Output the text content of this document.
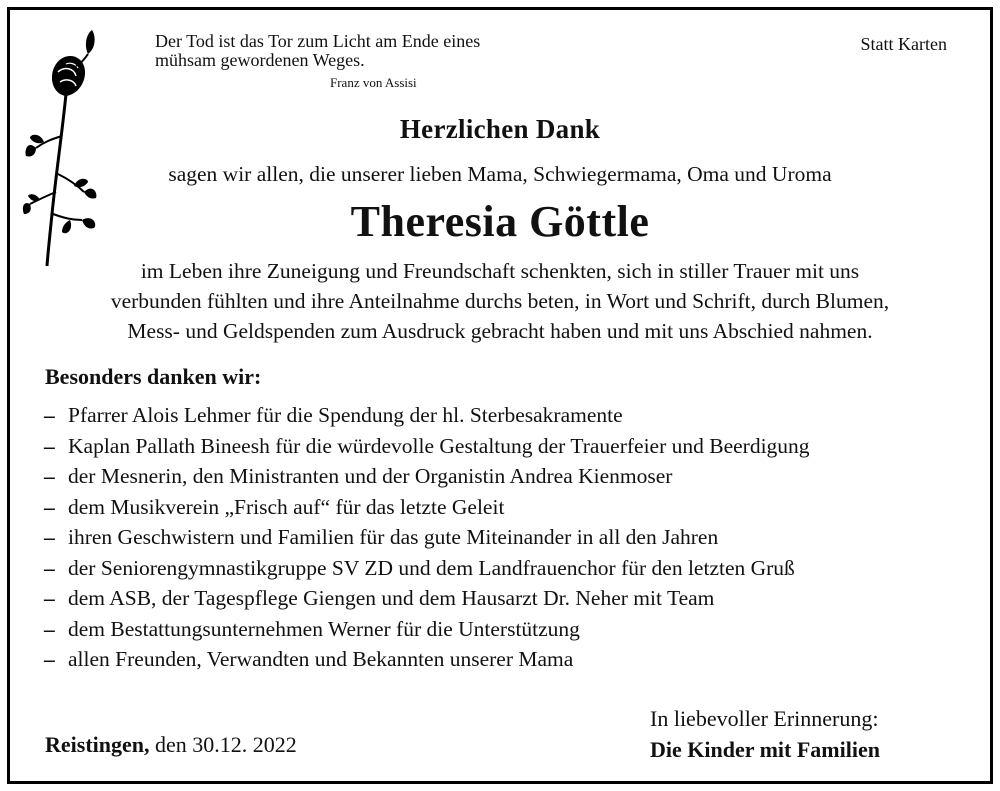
Der Tod ist das Tor zum Licht am Ende eines
mühsam gewordenen Weges.
Franz von Assisi
Statt Karten
Herzlichen Dank
sagen wir allen, die unserer lieben Mama, Schwiegermama, Oma und Uroma
Theresia Göttle
im Leben ihre Zuneigung und Freundschaft schenkten, sich in stiller Trauer mit uns
verbunden fühlten und ihre Anteilnahme durchs beten, in Wort und Schrift, durch Blumen,
Mess- und Geldspenden zum Ausdruck gebracht haben und mit uns Abschied nahmen.
Besonders danken wir:
– Pfarrer Alois Lehmer für die Spendung der hl. Sterbesakramente
– Kaplan Pallath Bineesh für die würdevolle Gestaltung der Trauerfeier und Beerdigung
– der Mesnerin, den Ministranten und der Organistin Andrea Kienmoser
– dem Musikverein „Frisch auf“ für das letzte Geleit
– ihren Geschwistern und Familien für das gute Miteinander in all den Jahren
– der Seniorengymnastikgruppe SV ZD und dem Landfrauenchor für den letzten Gruß
– dem ASB, der Tagespflege Giengen und dem Hausarzt Dr. Neher mit Team
– dem Bestattungsunternehmen Werner für die Unterstützung
– allen Freunden, Verwandten und Bekannten unserer Mama
Reistingen, den 30.12. 2022
In liebevoller Erinnerung:
Die Kinder mit Familien
